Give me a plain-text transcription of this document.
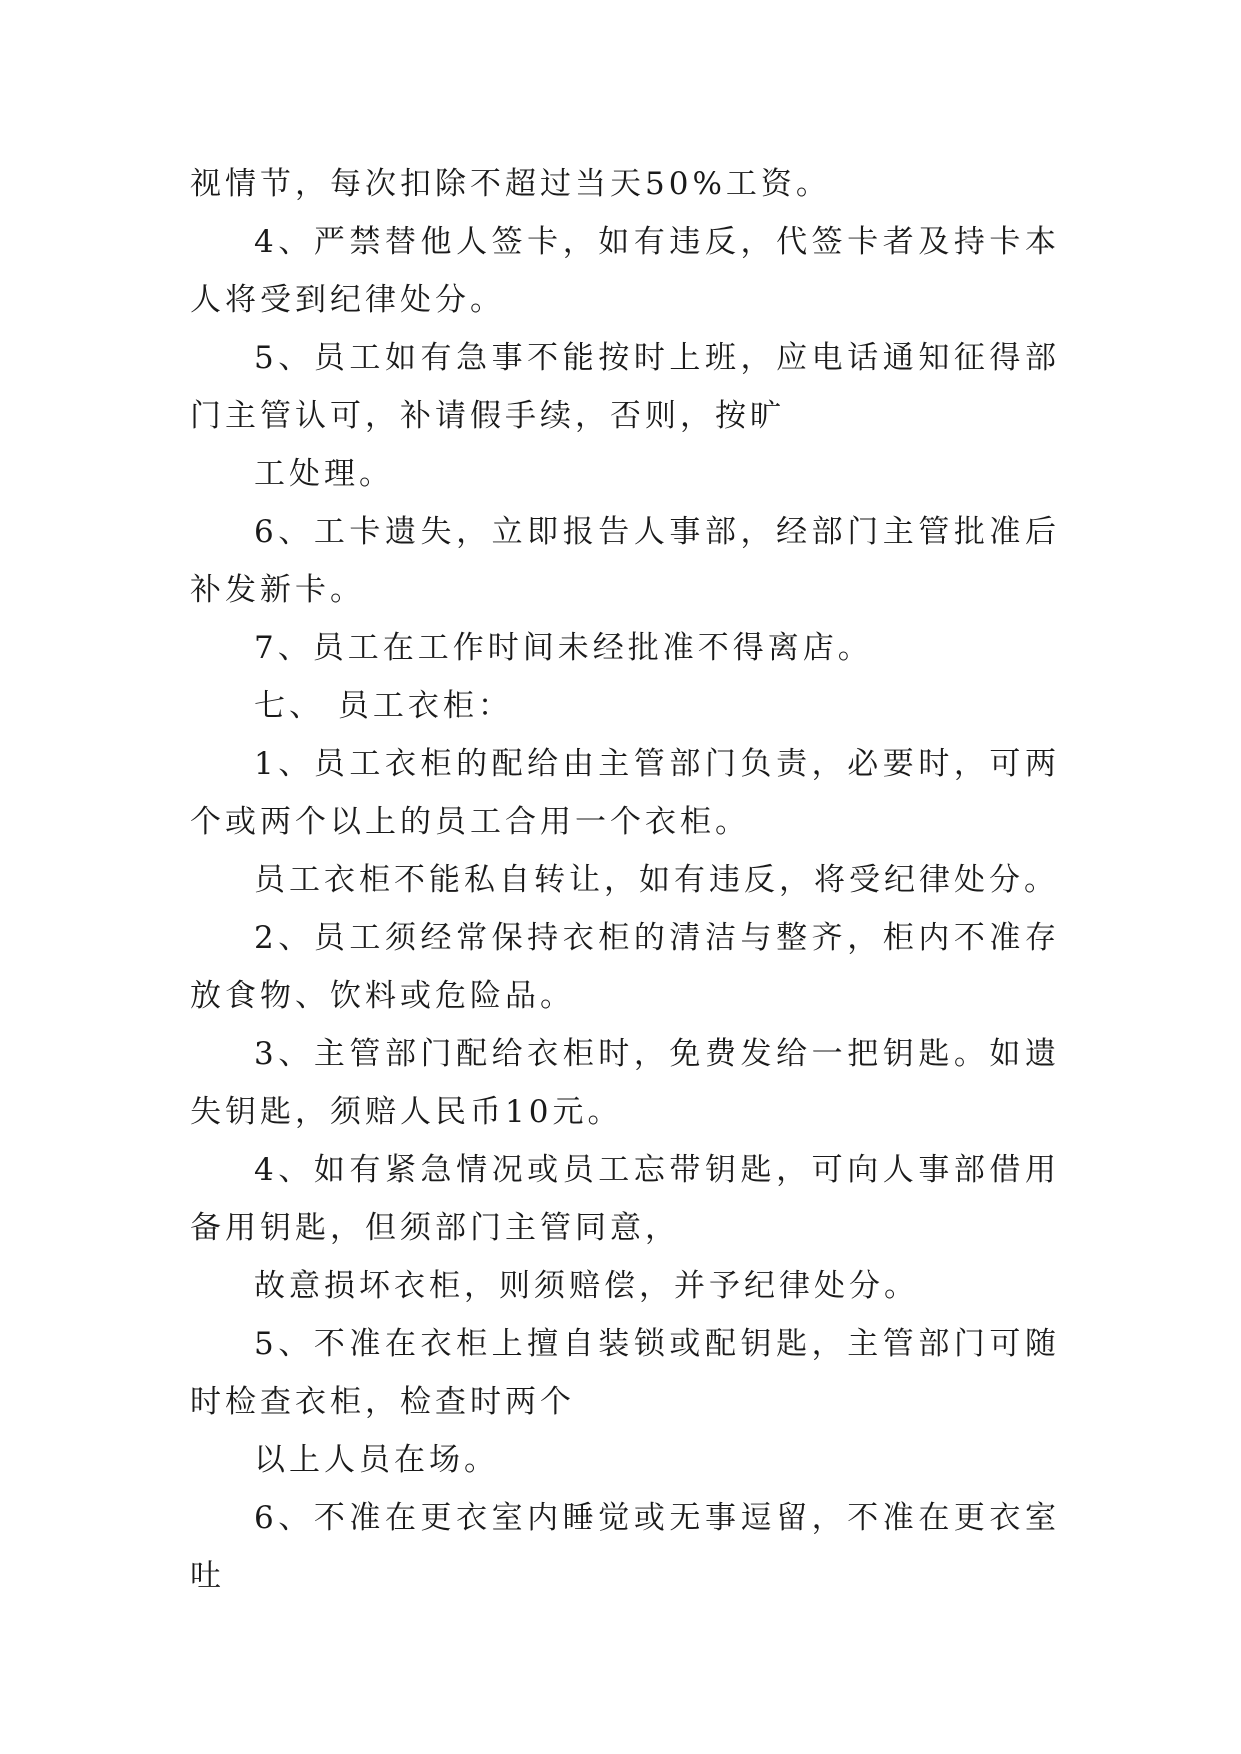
视情节，每次扣除不超过当天50%工资。

4、严禁替他人签卡，如有违反，代签卡者及持卡本人将受到纪律处分。

5、员工如有急事不能按时上班，应电话通知征得部门主管认可，补请假手续，否则，按旷

工处理。

6、工卡遗失，立即报告人事部，经部门主管批准后补发新卡。

7、员工在工作时间未经批准不得离店。

七、 员工衣柜：

1、员工衣柜的配给由主管部门负责，必要时，可两个或两个以上的员工合用一个衣柜。

员工衣柜不能私自转让，如有违反，将受纪律处分。

2、员工须经常保持衣柜的清洁与整齐，柜内不准存放食物、饮料或危险品。

3、主管部门配给衣柜时，免费发给一把钥匙。如遗失钥匙，须赔人民币10元。

4、如有紧急情况或员工忘带钥匙，可向人事部借用备用钥匙，但须部门主管同意，

故意损坏衣柜，则须赔偿，并予纪律处分。

5、不准在衣柜上擅自装锁或配钥匙，主管部门可随时检查衣柜，检查时两个

以上人员在场。

6、不准在更衣室内睡觉或无事逗留，不准在更衣室吐
